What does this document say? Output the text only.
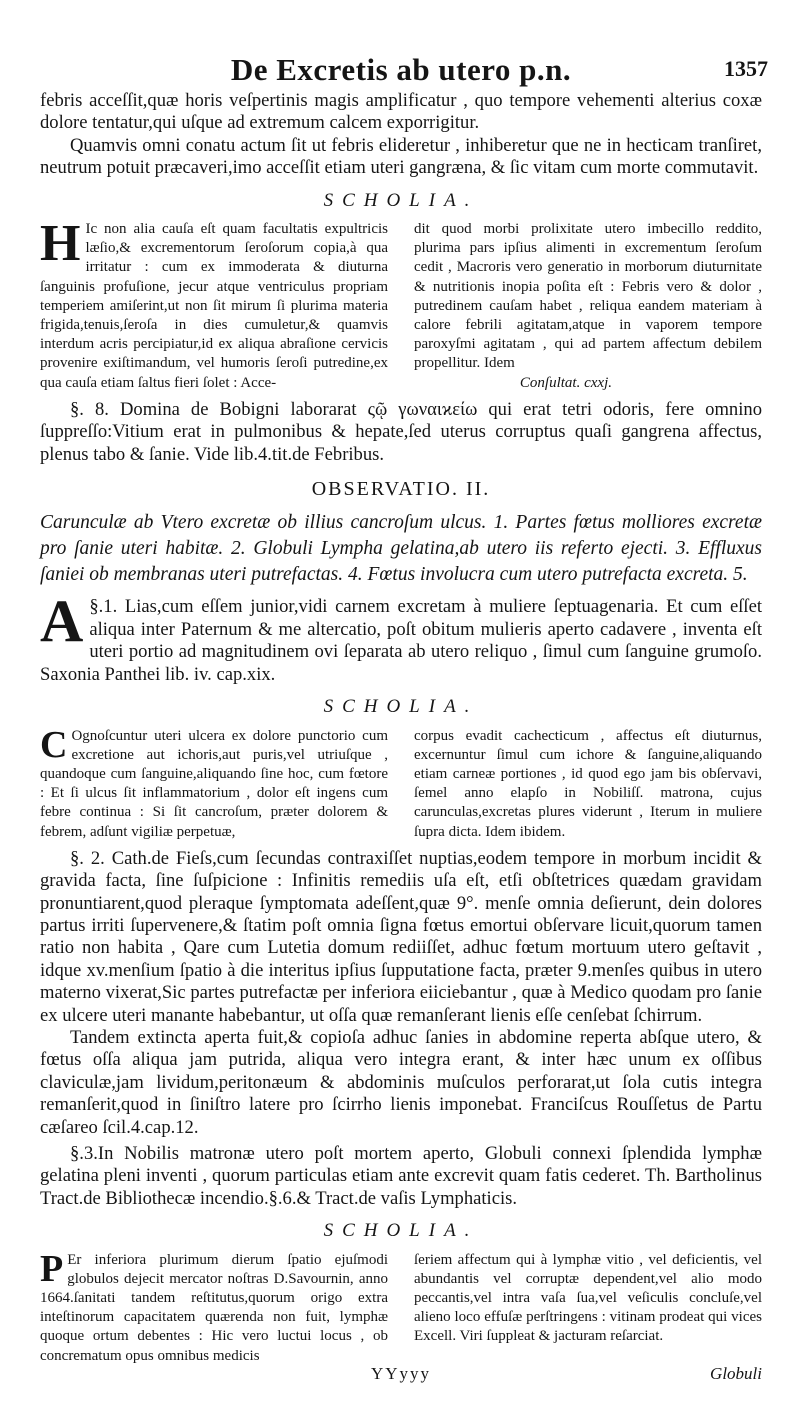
De Excretis ab utero p.n.	1357

febris acceſſit,quæ horis veſpertinis magis amplificatur , quo tempore vehementi alterius coxæ dolore tentatur,qui uſque ad extremum calcem exporrigitur.

Quamvis omni conatu actum ſit ut febris elideretur , inhiberetur que ne in hecticam tranſiret, neutrum potuit præcaveri,imo acceſſit etiam uteri gangræna, & ſic vitam cum morte commutavit.

SCHOLIA.
H Ic non alia cauſa eſt quam facultatis expultricis læſio,& excrementorum ſeroſorum copia,à qua irritatur : cum ex immoderata & diuturna ſanguinis profuſione, jecur atque ventriculus propriam temperiem amiſerint,ut non ſit mirum ſi plurima materia frigida,tenuis,ſeroſa in dies cumuletur,& quamvis interdum acris percipiatur,id ex aliqua abraſione cervicis provenire exiſtimandum, vel humoris ſeroſi putredine,ex qua cauſa etiam ſaltus fieri ſolet : Acce-
dit quod morbi prolixitate utero imbecillo reddito, plurima pars ipſius alimenti in excrementum ſeroſum cedit , Macroris vero generatio in morborum diuturnitate & nutritionis inopia poſita eſt : Febris vero & dolor , putredinem cauſam habet , reliqua eandem materiam à calore febrili agitatam,atque in vaporem tempore paroxyſmi agitatam , qui ad partem affectum debilem propellitur. Idem
Conſultat. cxxj.

§. 8. Domina de Bobigni laborarat ςῷ γωναιϰείω qui erat tetri odoris, fere omnino ſuppreſſo:Vitium erat in pulmonibus & hepate,ſed uterus corruptus quaſi gangrena affectus, plenus tabo & ſanie. Vide lib.4.tit.de Febribus.

OBSERVATIO. II.

Carunculæ ab Vtero excretæ ob illius cancroſum ulcus. 1. Partes fœtus molliores excretæ pro ſanie uteri habitæ. 2. Globuli Lympha gelatina,ab utero iis referto ejecti. 3. Effluxus ſaniei ob membranas uteri putrefactas. 4. Fœtus involucra cum utero putrefacta excreta. 5.

§.1.
A Lias,cum eſſem junior,vidi carnem excretam à muliere ſeptuagenaria. Et cum eſſet aliqua inter Paternum & me altercatio, poſt obitum mulieris aperto cadavere , inventa eſt uteri portio ad magnitudinem ovi ſeparata ab utero reliquo , ſimul cum ſanguine grumoſo. Saxonia Panthei lib. iv. cap.xix.

SCHOLIA.
C Ognoſcuntur uteri ulcera ex dolore punctorio cum excretione aut ichoris,aut puris,vel utriuſque , quandoque cum ſanguine,aliquando ſine hoc, cum fœtore : Et ſi ulcus ſit inflammatorium , dolor eſt ingens cum febre continua : Si ſit cancroſum, præter dolorem & febrem, adſunt vigiliæ perpetuæ,
corpus evadit cachecticum , affectus eſt diuturnus, excernuntur ſimul cum ichore & ſanguine,aliquando etiam carneæ portiones , id quod ego jam bis obſervavi, ſemel anno elapſo in Nobiliſſ. matrona, cujus carunculas,excretas plures viderunt , Iterum in muliere ſupra dicta. Idem ibidem.

§. 2. Cath.de Fieſs,cum ſecundas contraxiſſet nuptias,eodem tempore in morbum incidit & gravida facta, ſine ſuſpicione : Infinitis remediis uſa eſt, etſi obſtetrices quædam gravidam pronuntiarent,quod pleraque ſymptomata adeſſent,quæ 9°. menſe omnia deſierunt, dein dolores partus irriti ſupervenere,& ſtatim poſt omnia ſigna fœtus emortui obſervare licuit,quorum tamen ratio non habita , Qare cum Lutetia domum rediiſſet, adhuc fœtum mortuum utero geſtavit , idque xv.menſium ſpatio à die interitus ipſius ſupputatione facta, præter 9.menſes quibus in utero materno vixerat,Sic partes putrefactæ per inferiora eiiciebantur , quæ à Medico quodam pro ſanie ex ulcere uteri manante habebantur, ut oſſa quæ remanſerant lienis eſſe cenſebat ſchirrum.

Tandem extincta aperta fuit,& copioſa adhuc ſanies in abdomine reperta abſque utero, & fœtus oſſa aliqua jam putrida, aliqua vero integra erant, & inter hæc unum ex oſſibus claviculæ,jam lividum,peritonæum & abdominis muſculos perforarat,ut ſola cutis integra remanſerit,quod in ſiniſtro latere pro ſcirrho lienis imponebat. Franciſcus Rouſſetus de Partu cæſareo ſcil.4.cap.12.

§.3.In Nobilis matronæ utero poſt mortem aperto, Globuli connexi ſplendida lymphæ gelatina pleni inventi , quorum particulas etiam ante excrevit quam fatis cederet. Th. Bartholinus Tract.de Bibliothecæ incendio.§.6.& Tract.de vaſis Lymphaticis.

SCHOLIA.
P Er inferiora plurimum dierum ſpatio ejuſmodi globulos dejecit mercator noſtras D.Savournin, anno 1664.ſanitati tandem reſtitutus,quorum origo extra inteſtinorum capacitatem quærenda non fuit, lymphæ quoque ortum debentes : Hic vero luctui locus , ob concrematum opus omnibus medicis
ſeriem affectum qui à lymphæ vitio , vel deficientis, vel abundantis vel corruptæ dependent,vel alio modo peccantis,vel intra vaſa ſua,vel veſiculis concluſe,vel alieno loco effuſæ perſtringens : vitinam prodeat qui vices Excell. Viri ſuppleat & jacturam reſarciat.
YYyyy	Globuli
